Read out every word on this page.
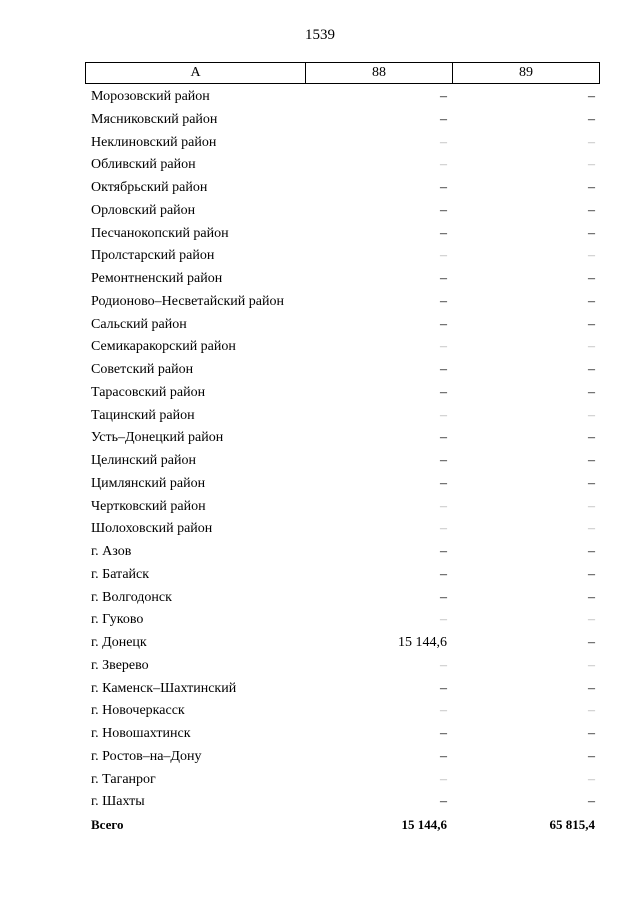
1539
А	88	89
Морозовский район	–	–
Мясниковский район	–	–
Неклиновский район	–	–
Обливский район	–	–
Октябрьский район	–	–
Орловский район	–	–
Песчанокопский район	–	–
Пролстарский район	–	–
Ремонтненский район	–	–
Родионово–Несветайский район	–	–
Сальский район	–	–
Семикаракорский район	–	–
Советский район	–	–
Тарасовский район	–	–
Тацинский район	–	–
Усть–Донецкий район	–	–
Целинский район	–	–
Цимлянский район	–	–
Чертковский район	–	–
Шолоховский район	–	–
г. Азов	–	–
г. Батайск	–	–
г. Волгодонск	–	–
г. Гуково	–	–
г. Донецк	15 144,6	–
г. Зверево	–	–
г. Каменск–Шахтинский	–	–
г. Новочеркасск	–	–
г. Новошахтинск	–	–
г. Ростов–на–Дону	–	–
г. Таганрог	–	–
г. Шахты	–	–
Всего	15 144,6	65 815,4
